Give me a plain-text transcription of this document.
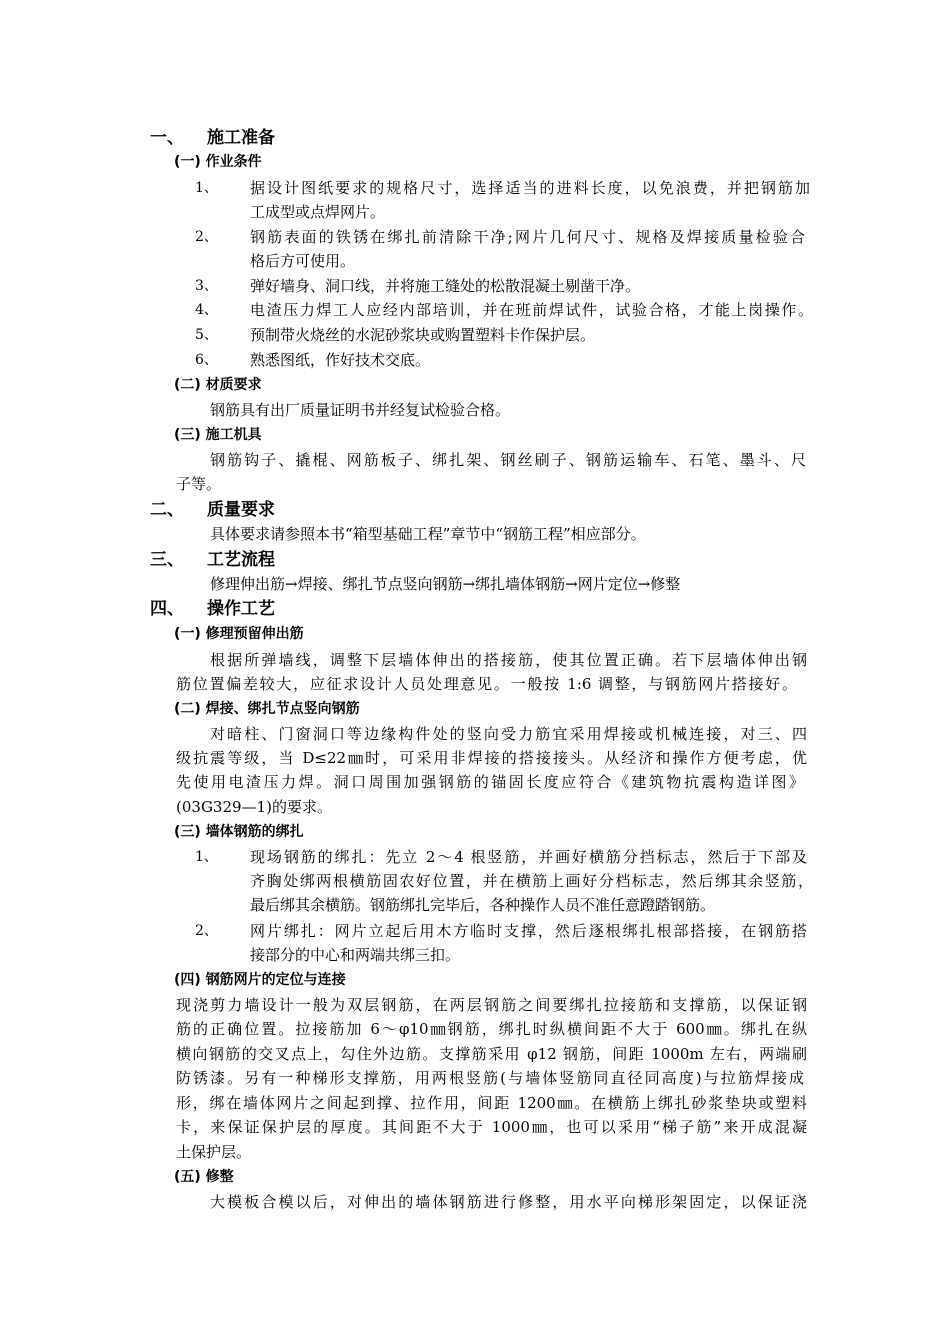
一、 施工准备
(一) 作业条件
1、 据设计图纸要求的规格尺寸，选择适当的进料长度，以免浪费，并把钢筋加
工成型或点焊网片。
2、 钢筋表面的铁锈在绑扎前清除干净;网片几何尺寸、规格及焊接质量检验合
格后方可使用。
3、 弹好墙身、洞口线，并将施工缝处的松散混凝土剔凿干净。
4、 电渣压力焊工人应经内部培训，并在班前焊试件，试验合格，才能上岗操作。
5、 预制带火烧丝的水泥砂浆块或购置塑料卡作保护层。
6、 熟悉图纸，作好技术交底。
(二) 材质要求
钢筋具有出厂质量证明书并经复试检验合格。
(三) 施工机具
钢筋钩子、撬棍、网筋板子、绑扎架、钢丝刷子、钢筋运输车、石笔、墨斗、尺
子等。
二、 质量要求
具体要求请参照本书“箱型基础工程”章节中“钢筋工程”相应部分。
三、 工艺流程
修理伸出筋→焊接、绑扎节点竖向钢筋→绑扎墙体钢筋→网片定位→修整
四、 操作工艺
(一) 修理预留伸出筋
根据所弹墙线，调整下层墙体伸出的搭接筋，使其位置正确。若下层墙体伸出钢
筋位置偏差较大，应征求设计人员处理意见。一般按 1:6 调整，与钢筋网片搭接好。
(二) 焊接、绑扎节点竖向钢筋
对暗柱、门窗洞口等边缘构件处的竖向受力筋宜采用焊接或机械连接，对三、四
级抗震等级，当 D≤22㎜时，可采用非焊接的搭接接头。从经济和操作方便考虑，优
先使用电渣压力焊。洞口周围加强钢筋的锚固长度应符合《建筑物抗震构造详图》
(03G329—1)的要求。
(三) 墙体钢筋的绑扎
1、 现场钢筋的绑扎：先立 2～4 根竖筋，并画好横筋分挡标志，然后于下部及
齐胸处绑两根横筋固农好位置，并在横筋上画好分档标志，然后绑其余竖筋，
最后绑其余横筋。钢筋绑扎完毕后，各种操作人员不准任意蹬踏钢筋。
2、 网片绑扎：网片立起后用木方临时支撑，然后逐根绑扎根部搭接，在钢筋搭
接部分的中心和两端共绑三扣。
(四) 钢筋网片的定位与连接
现浇剪力墙设计一般为双层钢筋，在两层钢筋之间要绑扎拉接筋和支撑筋，以保证钢
筋的正确位置。拉接筋加 6～φ10㎜钢筋，绑扎时纵横间距不大于 600㎜。绑扎在纵
横向钢筋的交叉点上，勾住外边筋。支撑筋采用 φ12 钢筋，间距 1000m 左右，两端刷
防锈漆。另有一种梯形支撑筋，用两根竖筋(与墙体竖筋同直径同高度)与拉筋焊接成
形，绑在墙体网片之间起到撑、拉作用，间距 1200㎜。在横筋上绑扎砂浆垫块或塑料
卡，来保证保护层的厚度。其间距不大于 1000㎜，也可以采用“梯子筋”来开成混凝
土保护层。
(五) 修整
大模板合模以后，对伸出的墙体钢筋进行修整，用水平向梯形架固定，以保证浇
